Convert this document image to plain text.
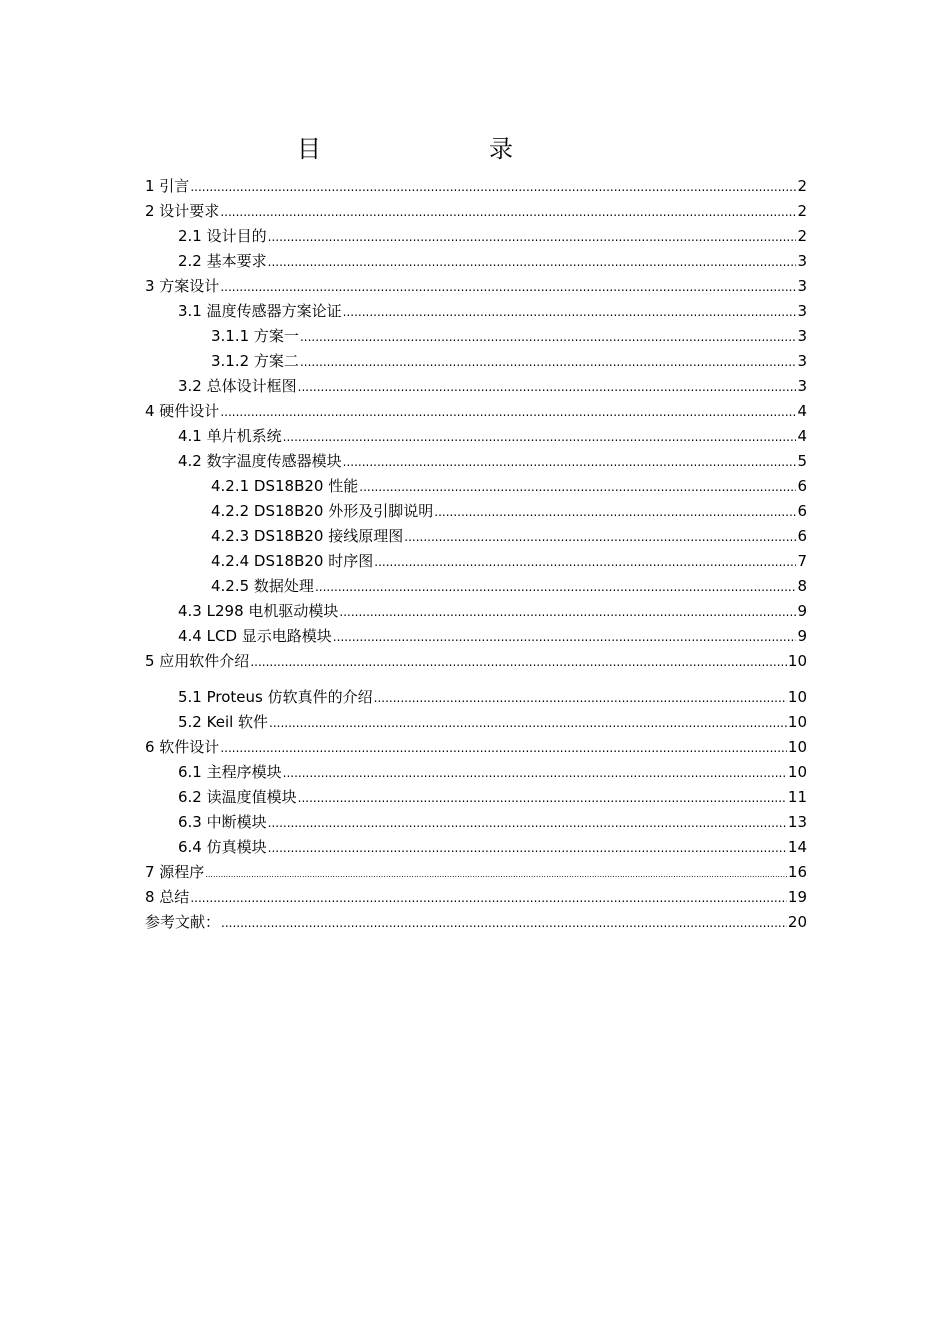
目　　录
1 引言 .....	2
2 设计要求 .....	2
2.1 设计目的 .....	2
2.2 基本要求 .....	3
3 方案设计 .....	3
3.1 温度传感器方案论证 .....	3
3.1.1 方案一 .....	3
3.1.2 方案二 .....	3
3.2 总体设计框图 .....	3
4 硬件设计 .....	4
4.1 单片机系统 .....	4
4.2 数字温度传感器模块 .....	5
4.2.1 DS18B20 性能 .....	6
4.2.2 DS18B20 外形及引脚说明 .....	6
4.2.3 DS18B20 接线原理图 .....	6
4.2.4 DS18B20 时序图 .....	7
4.2.5 数据处理 .....	8
4.3 L298 电机驱动模块 .....	9
4.4 LCD 显示电路模块 .....	9
5 应用软件介绍 .....	10
5.1 Proteus 仿软真件的介绍 .....	10
5.2 Keil 软件 .....	10
6 软件设计 .....	10
6.1 主程序模块 .....	10
6.2 读温度值模块 .....	11
6.3 中断模块 .....	13
6.4 仿真模块 .....	14
7 源程序 .....	16
8 总结 .....	19
参考文献： .....	20
